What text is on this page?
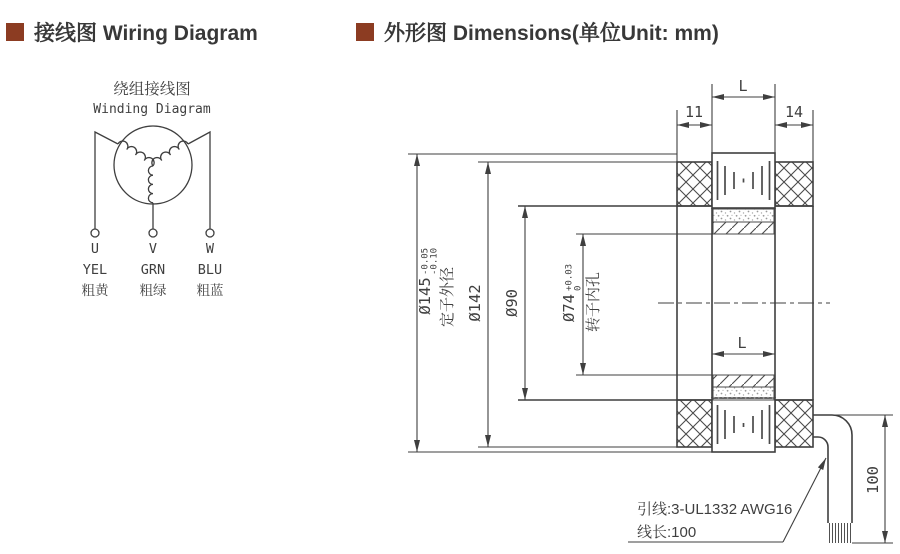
接线图 Wiring Diagram	外形图 Dimensions(单位Unit: mm)
绕组接线图
Winding Diagram
U	V	W
YEL GRN BLU
粗黄 粗绿 粗蓝
L
11	14
L
Ø145
-0.05 -0.10
定子外径 Ø142 Ø90	Ø74
+0.03 0 转子内孔
100
引线:3-UL1332 AWG16
线长:100
